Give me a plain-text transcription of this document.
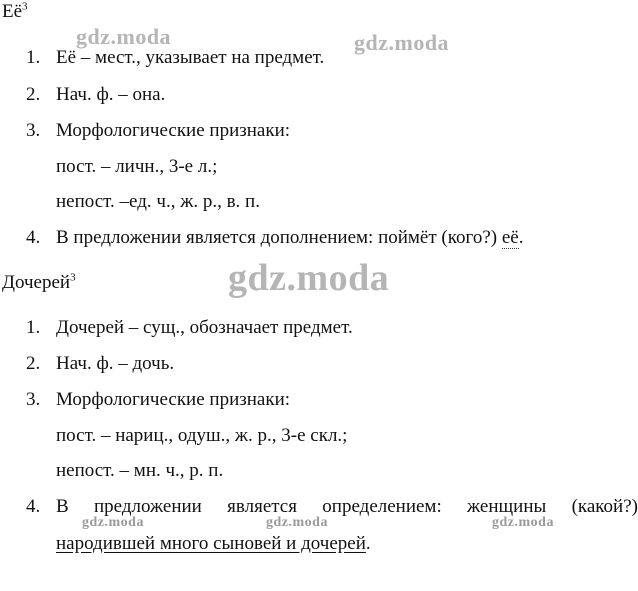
gdz.moda	gdz.moda
gdz.moda
gdz.moda	gdz.moda	gdz.moda
$Её^3$
1. Её – мест., указывает на предмет.
2. Нач. ф. – она.
3. Морфологические признаки:
пост. – личн., 3-е л.;
непост. –ед. ч., ж. р., в. п.
4. В предложении является дополнением: поймёт (кого?) её.
Дочерей$^3$
1. Дочерей – сущ., обозначает предмет.
2. Нач. ф. – дочь.
3. Морфологические признаки:
пост. – нариц., одуш., ж. р., 3-е скл.;
непост. – мн. ч., р. п.
4. В предложении является определением: женщины (какой?)
народившей много сыновей и дочерей.
